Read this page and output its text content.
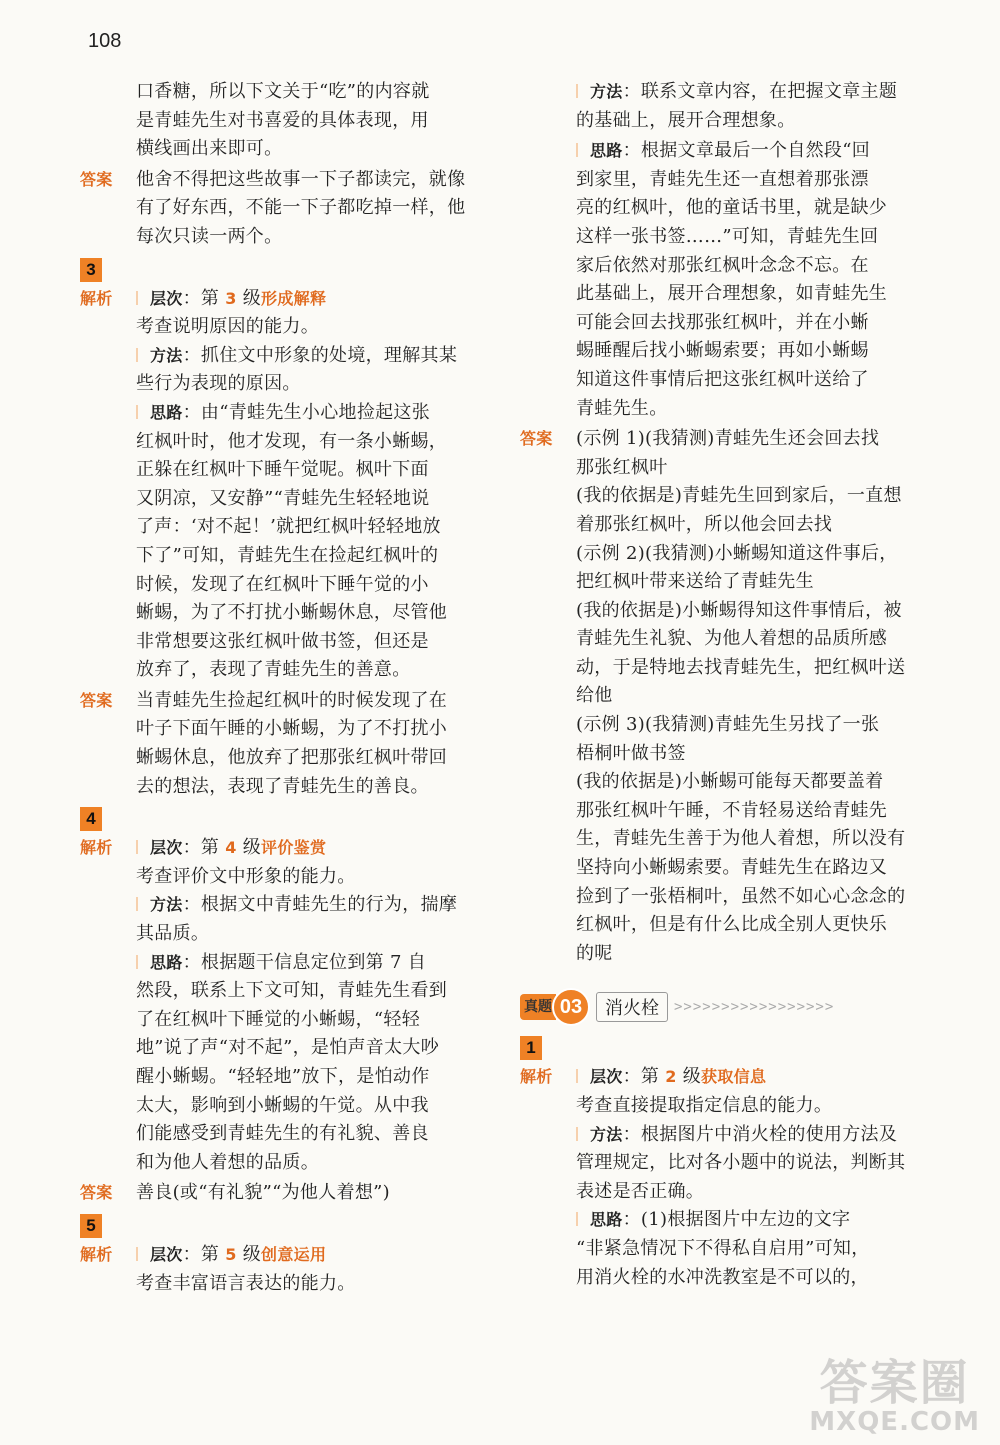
108
口香糖，所以下文关于“吃”的内容就
是青蛙先生对书喜爱的具体表现，用
横线画出来即可。
答案 他舍不得把这些故事一下子都读完，就像
有了好东西，不能一下子都吃掉一样，他
每次只读一两个。
3
解析 层次：第 3 级形成解释
考查说明原因的能力。
方法：抓住文中形象的处境，理解其某
些行为表现的原因。
思路：由“青蛙先生小心地捡起这张
红枫叶时，他才发现，有一条小蜥蜴，
正躲在红枫叶下睡午觉呢。枫叶下面
又阴凉，又安静”“青蛙先生轻轻地说
了声：‘对不起！’就把红枫叶轻轻地放
下了”可知，青蛙先生在捡起红枫叶的
时候，发现了在红枫叶下睡午觉的小
蜥蜴，为了不打扰小蜥蜴休息，尽管他
非常想要这张红枫叶做书签，但还是
放弃了，表现了青蛙先生的善意。
答案 当青蛙先生捡起红枫叶的时候发现了在
叶子下面午睡的小蜥蜴，为了不打扰小
蜥蜴休息，他放弃了把那张红枫叶带回
去的想法，表现了青蛙先生的善良。
4
解析 层次：第 4 级评价鉴赏
考查评价文中形象的能力。
方法：根据文中青蛙先生的行为，揣摩
其品质。
思路：根据题干信息定位到第 7 自
然段，联系上下文可知，青蛙先生看到
了在红枫叶下睡觉的小蜥蜴，“轻轻
地”说了声“对不起”，是怕声音太大吵
醒小蜥蜴。“轻轻地”放下，是怕动作
太大，影响到小蜥蜴的午觉。从中我
们能感受到青蛙先生的有礼貌、善良
和为他人着想的品质。
答案 善良(或“有礼貌”“为他人着想”)
5
解析 层次：第 5 级创意运用
考查丰富语言表达的能力。
方法：联系文章内容，在把握文章主题
的基础上，展开合理想象。
思路：根据文章最后一个自然段“回
到家里，青蛙先生还一直想着那张漂
亮的红枫叶，他的童话书里，就是缺少
这样一张书签……”可知，青蛙先生回
家后依然对那张红枫叶念念不忘。在
此基础上，展开合理想象，如青蛙先生
可能会回去找那张红枫叶，并在小蜥
蜴睡醒后找小蜥蜴索要；再如小蜥蜴
知道这件事情后把这张红枫叶送给了
青蛙先生。
答案 (示例 1)(我猜测)青蛙先生还会回去找
那张红枫叶
(我的依据是)青蛙先生回到家后，一直想
着那张红枫叶，所以他会回去找
(示例 2)(我猜测)小蜥蜴知道这件事后，
把红枫叶带来送给了青蛙先生
(我的依据是)小蜥蜴得知这件事情后，被
青蛙先生礼貌、为他人着想的品质所感
动，于是特地去找青蛙先生，把红枫叶送
给他
(示例 3)(我猜测)青蛙先生另找了一张
梧桐叶做书签
(我的依据是)小蜥蜴可能每天都要盖着
那张红枫叶午睡，不肯轻易送给青蛙先
生，青蛙先生善于为他人着想，所以没有
坚持向小蜥蜴索要。青蛙先生在路边又
捡到了一张梧桐叶，虽然不如心心念念的
红枫叶，但是有什么比成全别人更快乐
的呢
真题 03	消火栓	>>>>>>>>>>>>>>>>>
1
解析 层次：第 2 级获取信息
考查直接提取指定信息的能力。
方法：根据图片中消火栓的使用方法及
管理规定，比对各小题中的说法，判断其
表述是否正确。
思路：(1)根据图片中左边的文字
“非紧急情况下不得私自启用”可知，
用消火栓的水冲洗教室是不可以的，
答案圈
MXQE.COM
